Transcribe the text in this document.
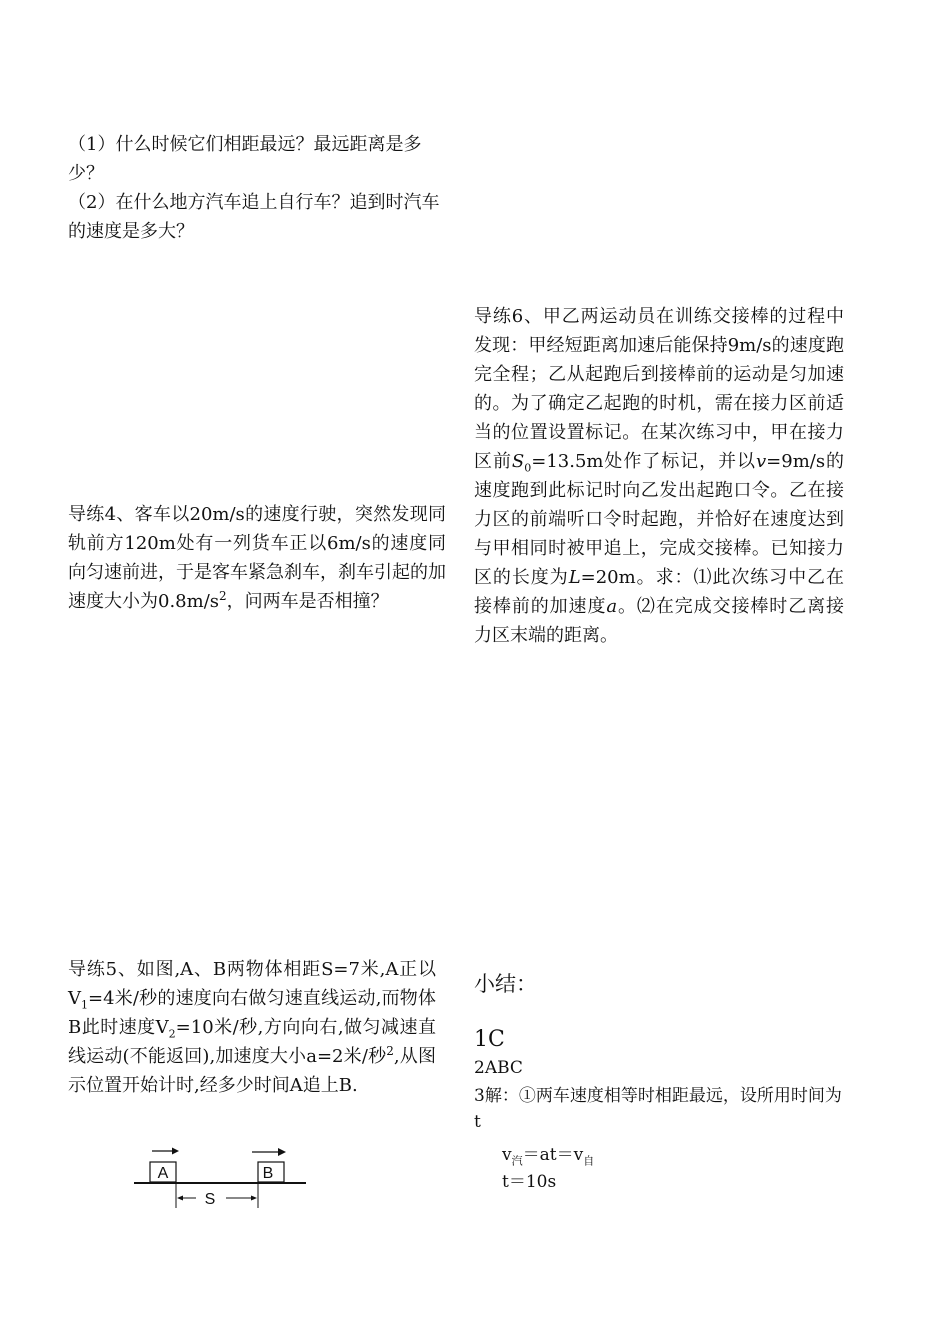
（1）什么时候它们相距最远？最远距离是多少？

（2）在什么地方汽车追上自行车？追到时汽车的速度是多大？

导练6、甲乙两运动员在训练交接棒的过程中发现：甲经短距离加速后能保持9m/s的速度跑完全程；乙从起跑后到接棒前的运动是匀加速的。为了确定乙起跑的时机，需在接力区前适当的位置设置标记。在某次练习中，甲在接力区前$S_0=13.5m$处作了标记，并以v=9m/s的速度跑到此标记时向乙发出起跑口令。乙在接力区的前端听口令时起跑，并恰好在速度达到与甲相同时被甲追上，完成交接棒。已知接力区的长度为L=20m。求：⑴此次练习中乙在接棒前的加速度a。⑵在完成交接棒时乙离接力区末端的距离。
导练4、客车以20m/s的速度行驶，突然发现同轨前方120m处有一列货车正以6m/s的速度同向匀速前进，于是客车紧急刹车，刹车引起的加速度大小为$0.8m/s^2$，问两车是否相撞？
导练5、如图,A、B两物体相距S=7米,A正以$V_1=4$米/秒的速度向右做匀速直线运动,而物体B此时速度$V_2=10$米/秒,方向向右,做匀减速直线运动(不能返回),加速度大小a=2米/秒$^2$,从图示位置开始计时,经多少时间A追上B.
A	B
S
小结：
1C
2ABC
3解：①两车速度相等时相距最远，设所用时间为t
$v_汽=at=v_自$
t＝10s
